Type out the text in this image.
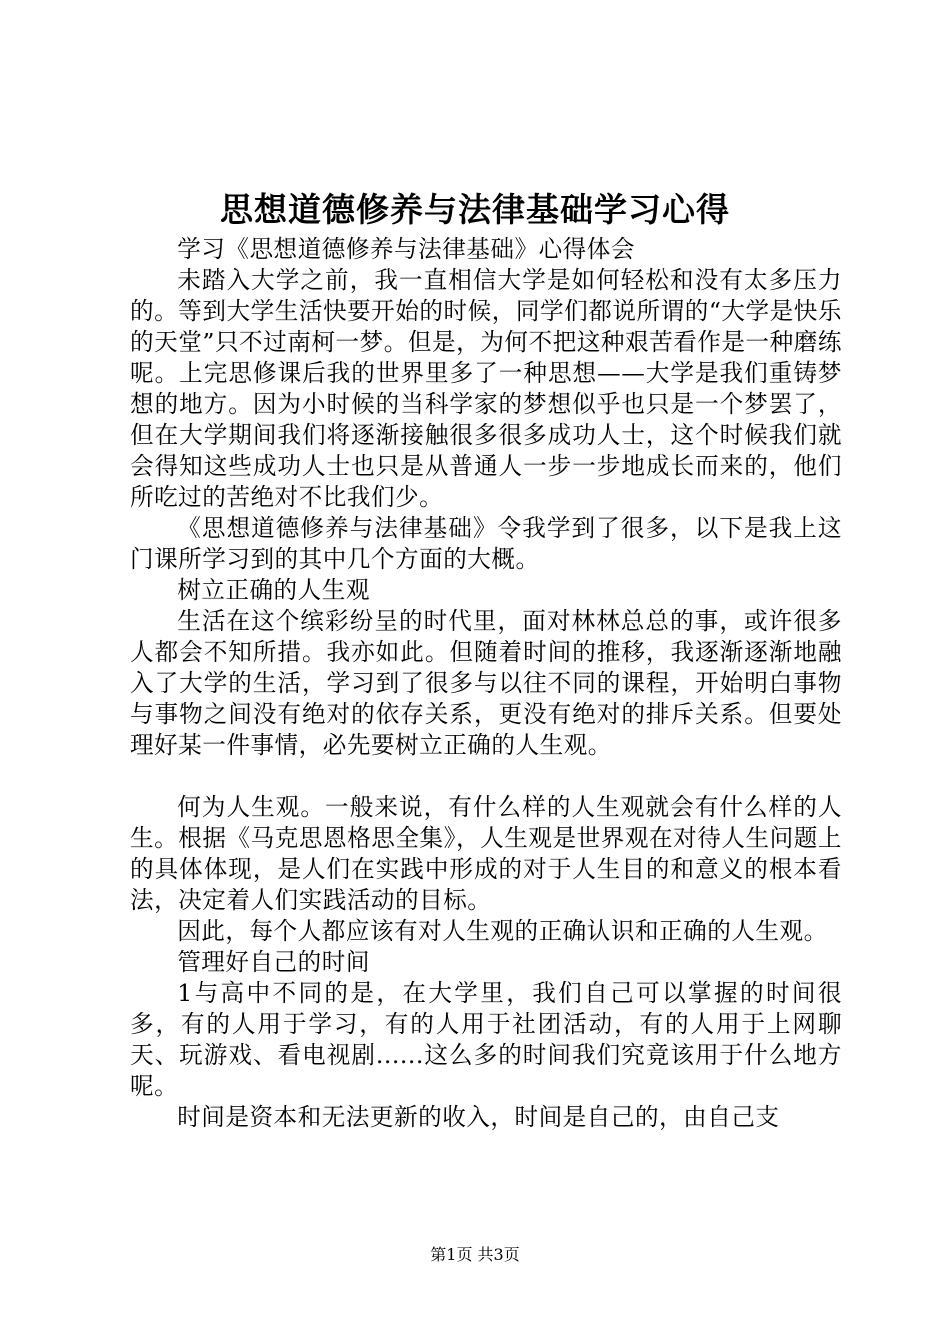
思想道德修养与法律基础学习心得

学习《思想道德修养与法律基础》心得体会

未踏入大学之前，我一直相信大学是如何轻松和没有太多压力的。等到大学生活快要开始的时候，同学们都说所谓的“大学是快乐的天堂”只不过南柯一梦。但是，为何不把这种艰苦看作是一种磨练呢。上完思修课后我的世界里多了一种思想——大学是我们重铸梦想的地方。因为小时候的当科学家的梦想似乎也只是一个梦罢了，但在大学期间我们将逐渐接触很多很多成功人士，这个时候我们就会得知这些成功人士也只是从普通人一步一步地成长而来的，他们所吃过的苦绝对不比我们少。

《思想道德修养与法律基础》令我学到了很多，以下是我上这门课所学习到的其中几个方面的大概。

树立正确的人生观

生活在这个缤彩纷呈的时代里，面对林林总总的事，或许很多人都会不知所措。我亦如此。但随着时间的推移，我逐渐逐渐地融入了大学的生活，学习到了很多与以往不同的课程，开始明白事物与事物之间没有绝对的依存关系，更没有绝对的排斥关系。但要处理好某一件事情，必先要树立正确的人生观。

何为人生观。一般来说，有什么样的人生观就会有什么样的人生。根据《马克思恩格思全集》，人生观是世界观在对待人生问题上的具体体现，是人们在实践中形成的对于人生目的和意义的根本看法，决定着人们实践活动的目标。

因此，每个人都应该有对人生观的正确认识和正确的人生观。

管理好自己的时间

1与高中不同的是，在大学里，我们自己可以掌握的时间很多，有的人用于学习，有的人用于社团活动，有的人用于上网聊天、玩游戏、看电视剧......这么多的时间我们究竟该用于什么地方呢。

时间是资本和无法更新的收入，时间是自己的，由自己支

第1页 共3页
